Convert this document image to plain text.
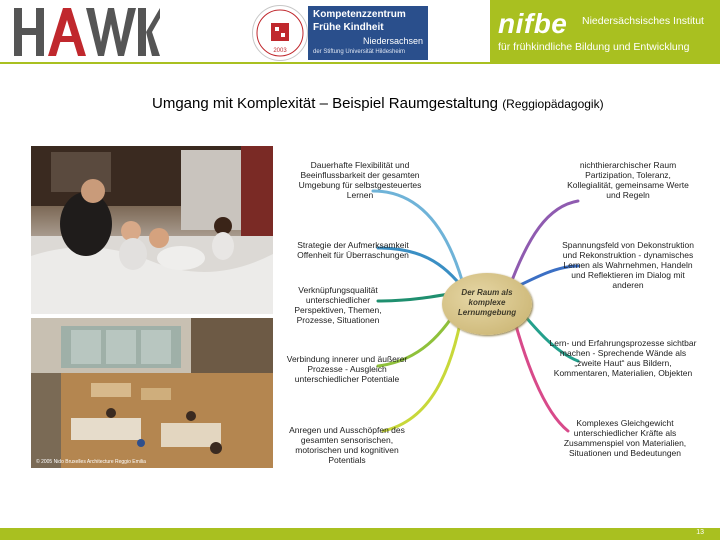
2003
Kompetenzzentrum
Frühe Kindheit
Niedersachsen
der Stiftung Universität Hildesheim
nifbe Niedersächsisches Institut
für frühkindliche Bildung und Entwicklung
Umgang mit Komplexität – Beispiel Raumgestaltung (Reggiopädagogik)
© 2005 Nido Bruxelles Architecture Reggio Emilia
Der Raum als komplexe Lernumgebung
Dauerhafte Flexibilität und Beeinflussbarkeit der gesamten Umgebung für selbstgesteuertes Lernen
Strategie der Aufmerksamkeit Offenheit für Überraschungen
Verknüpfungsqualität unterschiedlicher Perspektiven, Themen, Prozesse, Situationen
Verbindung innerer und äußerer Prozesse - Ausgleich unterschiedlicher Potentiale
Anregen und Ausschöpfen des gesamten sensorischen, motorischen und kognitiven Potentials
nichthierarchischer Raum Partizipation, Toleranz, Kollegialität, gemeinsame Werte und Regeln
Spannungsfeld von Dekonstruktion und Rekonstruktion - dynamisches Lernen als Wahrnehmen, Handeln und Reflektieren im Dialog mit anderen
Lern- und Erfahrungsprozesse sichtbar machen - Sprechende Wände als „zweite Haut“ aus Bildern, Kommentaren, Materialien, Objekten
Komplexes Gleichgewicht unterschiedlicher Kräfte als Zusammenspiel von Materialien, Situationen und Bedeutungen
13
